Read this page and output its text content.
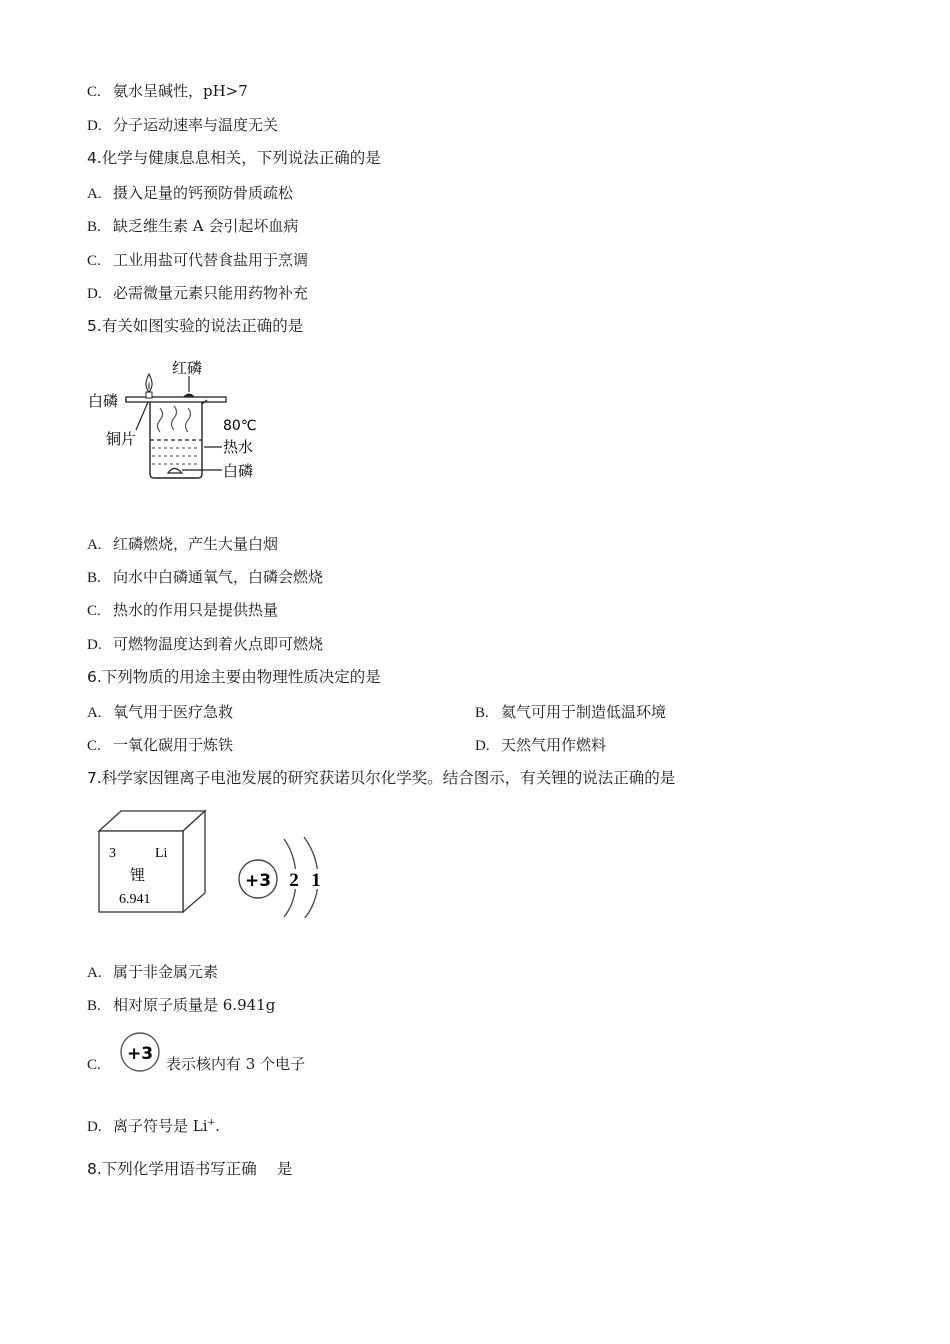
C. 氨水呈碱性，pH>7
D. 分子运动速率与温度无关
4.化学与健康息息相关，下列说法正确的是
A. 摄入足量的钙预防骨质疏松
B. 缺乏维生素 A 会引起坏血病
C. 工业用盐可代替食盐用于烹调
D. 必需微量元素只能用药物补充
5.有关如图实验的说法正确的是
红磷
白磷
铜片
80℃
热水
白磷
A. 红磷燃烧，产生大量白烟
B. 向水中白磷通氧气，白磷会燃烧
C. 热水的作用只是提供热量
D. 可燃物温度达到着火点即可燃烧
6.下列物质的用途主要由物理性质决定的是
A. 氧气用于医疗急救	B. 氦气可用于制造低温环境
C. 一氧化碳用于炼铁	D. 天然气用作燃料
7.科学家因锂离子电池发展的研究获诺贝尔化学奖。结合图示，有关锂的说法正确的是
3	Li
锂
6.941
+3 2 1
A. 属于非金属元素
B. 相对原子质量是 6.941g
C.
+3 表示核内有 3 个电子
D. 离子符号是 Li+.
8.下列化学用语书写正确 是
